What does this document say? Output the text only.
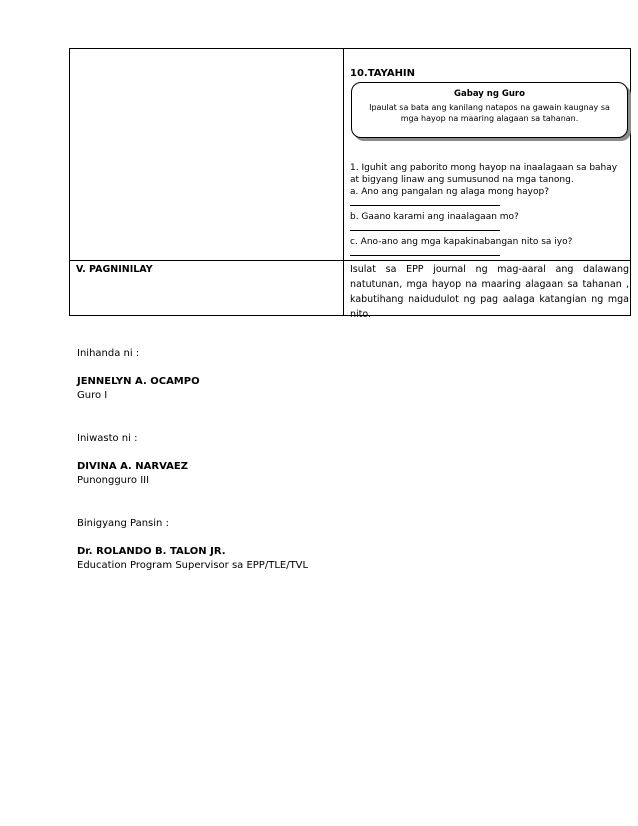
10.TAYAHIN
Gabay ng Guro
Ipaulat sa bata ang kanilang natapos na gawain kaugnay sa mga hayop na maaring alagaan sa tahanan.
1. Iguhit ang paborito mong hayop na inaalagaan sa bahay at bigyang linaw ang sumusunod na mga tanong.
a. Ano ang pangalan ng alaga mong hayop?
b. Gaano karami ang inaalagaan mo?
c. Ano-ano ang mga kapakinabangan nito sa iyo?
V. PAGNINILAY	Isulat sa EPP journal ng mag-aaral ang dalawang natutunan, mga hayop na maaring alagaan sa tahanan , kabutihang naidudulot ng pag aalaga katangian ng mga nito.
Inihanda ni :
JENNELYN A. OCAMPO
Guro I
Iniwasto ni :
DIVINA A. NARVAEZ
Punongguro III
Binigyang Pansin :
Dr. ROLANDO B. TALON JR.
Education Program Supervisor sa EPP/TLE/TVL
